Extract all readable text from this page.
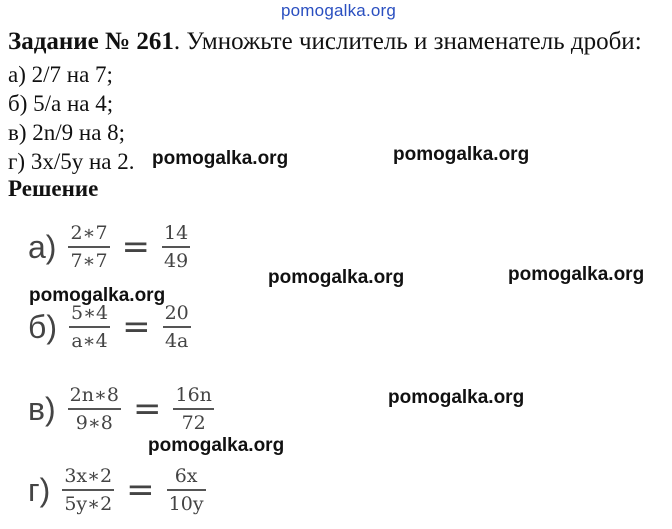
pomogalka.org
Задание № 261. Умножьте числитель и знаменатель дроби:
а) 2/7 на 7;
б) 5/a на 4;
в) 2n/9 на 8;
г) 3x/5y на 2.
Решение
$а) \frac{2∗7}{7∗7} = \frac{14}{49}$
$б) \frac{5∗4}{a∗4} = \frac{20}{4a}$
$в) \frac{2n∗8}{9∗8} = \frac{16n}{72}$
$г) \frac{3x∗2}{5y∗2} = \frac{6x}{10y}$
pomogalka.org	pomogalka.org
pomogalka.org	pomogalka.org
pomogalka.org
pomogalka.org
pomogalka.org
